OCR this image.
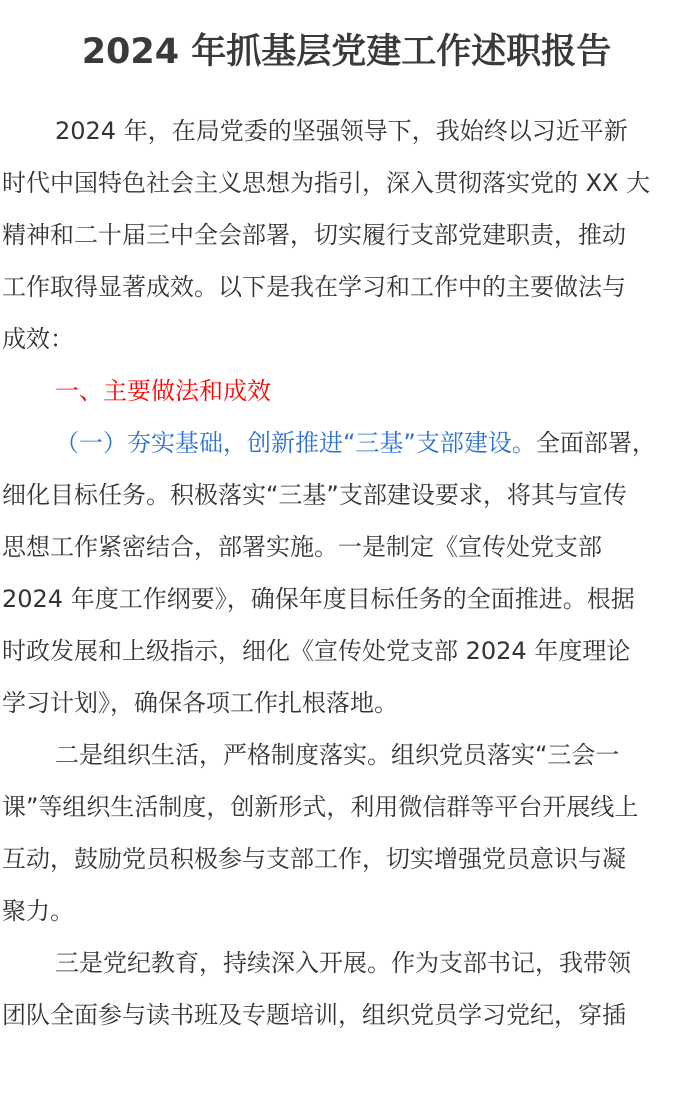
2024 年抓基层党建工作述职报告
2024 年，在局党委的坚强领导下，我始终以习近平新
时代中国特色社会主义思想为指引，深入贯彻落实党的 XX 大
精神和二十届三中全会部署，切实履行支部党建职责，推动
工作取得显著成效。以下是我在学习和工作中的主要做法与
成效：
一、主要做法和成效
（一）夯实基础，创新推进“三基”支部建设。全面部署，
细化目标任务。积极落实“三基”支部建设要求，将其与宣传
思想工作紧密结合，部署实施。一是制定《宣传处党支部
2024 年度工作纲要》，确保年度目标任务的全面推进。根据
时政发展和上级指示，细化《宣传处党支部 2024 年度理论
学习计划》，确保各项工作扎根落地。
二是组织生活，严格制度落实。组织党员落实“三会一
课”等组织生活制度，创新形式，利用微信群等平台开展线上
互动，鼓励党员积极参与支部工作，切实增强党员意识与凝
聚力。
三是党纪教育，持续深入开展。作为支部书记，我带领
团队全面参与读书班及专题培训，组织党员学习党纪，穿插
